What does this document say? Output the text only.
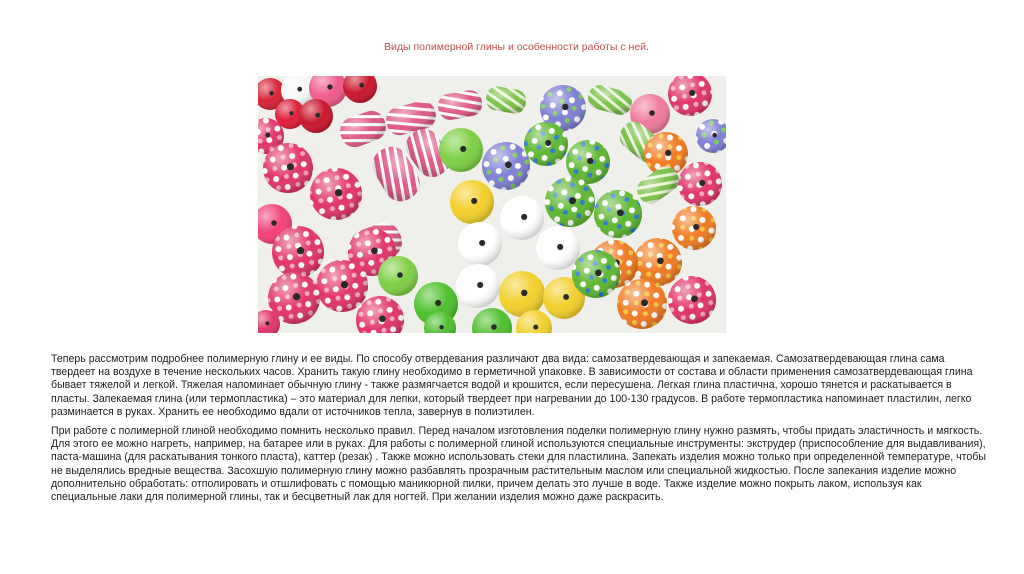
Виды полимерной глины и особенности работы с ней.

Теперь рассмотрим подробнее полимерную глину и ее виды. По способу отвердевания различают два вида: самозатвердевающая и запекаемая. Самозатвердевающая глина сама твердеет на воздухе в течение нескольких часов. Хранить такую глину необходимо в герметичной упаковке. В зависимости от состава и области применения самозатвердевающая глина бывает тяжелой и легкой. Тяжелая напоминает обычную глину - также размягчается водой и крошится, если пересушена. Легкая глина пластична, хорошо тянется и раскатывается в пласты. Запекаемая глина (или термопластика) – это материал для лепки, который твердеет при нагревании до 100-130 градусов. В работе термопластика напоминает пластилин, легко разминается в руках. Хранить ее необходимо вдали от источников тепла, завернув в полиэтилен.

При работе с полимерной глиной необходимо помнить несколько правил. Перед началом изготовления поделки полимерную глину нужно размять, чтобы придать эластичность и мягкость. Для этого ее можно нагреть, например, на батарее или в руках. Для работы с полимерной глиной используются специальные инструменты: экструдер (приспособление для выдавливания), паста-машина (для раскатывания тонкого пласта), каттер (резак) . Также можно использовать стеки для пластилина. Запекать изделия можно только при определенной температуре, чтобы не выделялись вредные вещества. Засохшую полимерную глину можно разбавлять прозрачным растительным маслом или специальной жидкостью. После запекания изделие можно дополнительно обработать: отполировать и отшлифовать с помощью маникюрной пилки, причем делать это лучше в воде. Также изделие можно покрыть лаком, используя как специальные лаки для полимерной глины, так и бесцветный лак для ногтей. При желании изделия можно даже раскрасить.
